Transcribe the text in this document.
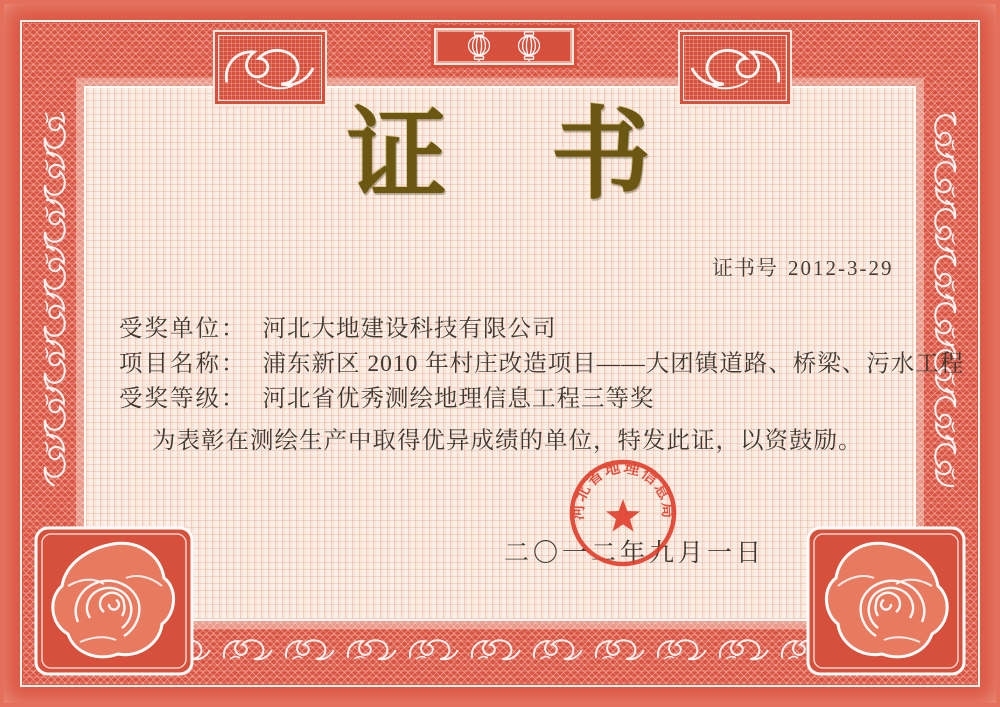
证　书
证书号 2012-3-29
受奖单位： 河北大地建设科技有限公司
项目名称： 浦东新区 2010 年村庄改造项目——大团镇道路、桥梁、污水工程
受奖等级： 河北省优秀测绘地理信息工程三等奖
为表彰在测绘生产中取得优异成绩的单位，特发此证，以资鼓励。
二〇一二年九月一日
河北省地理信息局
